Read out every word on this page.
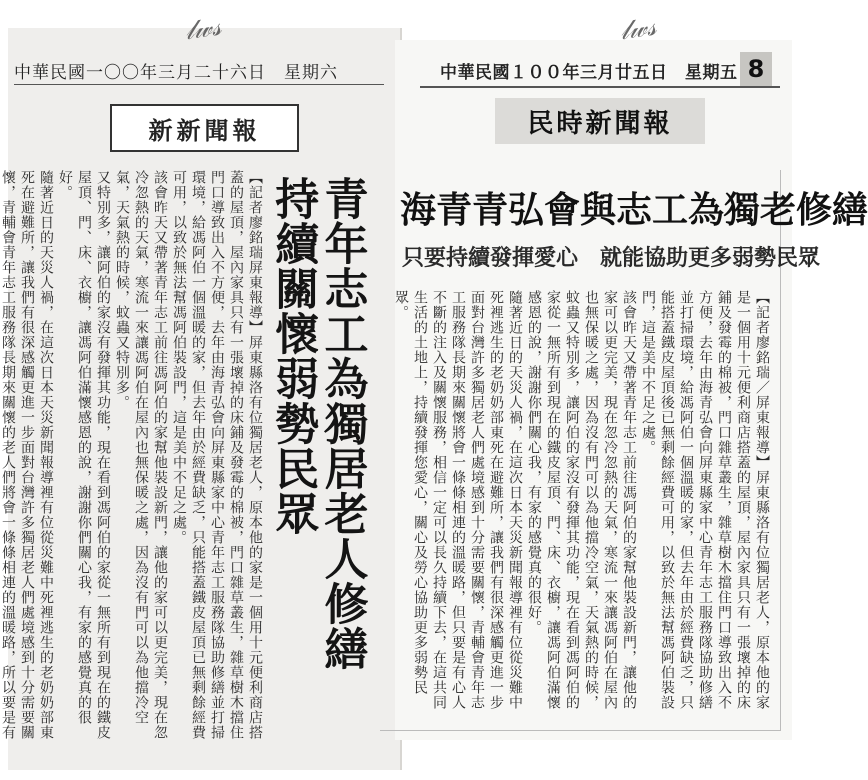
𝓁𝓌𝓈
中華民國一〇〇年三月二十六日　星期六
新新聞報
青年志工為獨居老人修繕　持續關懷弱勢民眾
【記者廖銘瑞屏東報導】屏東縣洛有位獨居老人，原本他的家是一個用十元便利商店搭蓋的屋頂，屋內家具只有一張壞掉的床鋪及發霉的棉被，門口雜草叢生，雜草樹木擋住門口導致出入不方便，去年由海青弘會向屏東縣家中心青年志工服務隊協助修繕並打掃環境，給馮阿伯一個溫暖的家，但去年由於經費缺乏，只能搭蓋鐵皮屋頂已無剩餘經費可用，以致於無法幫馮阿伯裝設門，這是美中不足之處。
該會昨天又帶著青年志工前往馮阿伯的家幫他裝設新門，讓他的家可以更完美，現在忽冷忽熱的天氣，寒流一來讓馮阿伯在屋內也無保暖之處，因為沒有門可以為他擋冷空氣，天氣熱的時候，蚊蟲又特別多。
又特別多，讓阿伯的家沒有發揮其功能，現在看到馮阿伯的家從一無所有到現在的鐵皮屋頂、門、床、衣櫥，讓馮阿伯滿懷感恩的說，謝謝你們關心我，有家的感覺真的很好。
隨著近日的天災人禍，在這次日本天災新聞報導裡有位從災難中死裡逃生的老奶奶部東死在避難所，讓我們有很深感觸更進一步面對台灣許多獨居老人們處境感到十分需要關懷，青輔會青年志工服務隊長期來關懷的老人們將會一條條相連的溫暖路，所以要是有
𝓁𝓌𝓈
中華民國１００年三月廿五日　星期五 8
民時新聞報
海青青弘會與志工為獨老修繕
只要持續發揮愛心　就能協助更多弱勢民眾
【記者廖銘瑞／屏東報導】屏東縣洛有位獨居老人，原本他的家是一個用十元便利商店搭蓋的屋頂，屋內家具只有一張壞掉的床鋪及發霉的棉被，門口雜草叢生，雜草樹木擋住門口導致出入不方便，去年由海青弘會向屏東縣家中心青年志工服務隊協助修繕並打掃環境，給馮阿伯一個溫暖的家，但去年由於經費缺乏，只能搭蓋鐵皮屋頂後已無剩餘經費可用，以致於無法幫馮阿伯裝設門，這是美中不足之處。
該會昨天又帶著青年志工前往馮阿伯的家幫他裝設新門，讓他的家可以更完美，現在忽冷忽熱的天氣，寒流一來讓馮阿伯在屋內也無保暖之處，因為沒有門可以為他擋冷空氣，天氣熱的時候，蚊蟲又特別多，讓阿伯的家沒有發揮其功能，現在看到馮阿伯的家從一無所有到現在的鐵皮屋頂、門、床、衣櫥，讓馮阿伯滿懷感恩的說，謝謝你們關心我，有家的感覺真的很好。
隨著近日的天災人禍，在這次日本天災新聞報導裡有位從災難中死裡逃生的老奶奶部東死在避難所，讓我們有很深感觸更進一步面對台灣許多獨居老人們處境感到十分需要關懷，青輔會青年志工服務隊長期來關懷將會一條條相連的溫暖路，但只要是有心人不斷的注入及關懷服務，相信一定可以長久持續下去，在這共同生活的土地上，持續發揮您愛心，關心及勞心協助更多弱勢民眾。
